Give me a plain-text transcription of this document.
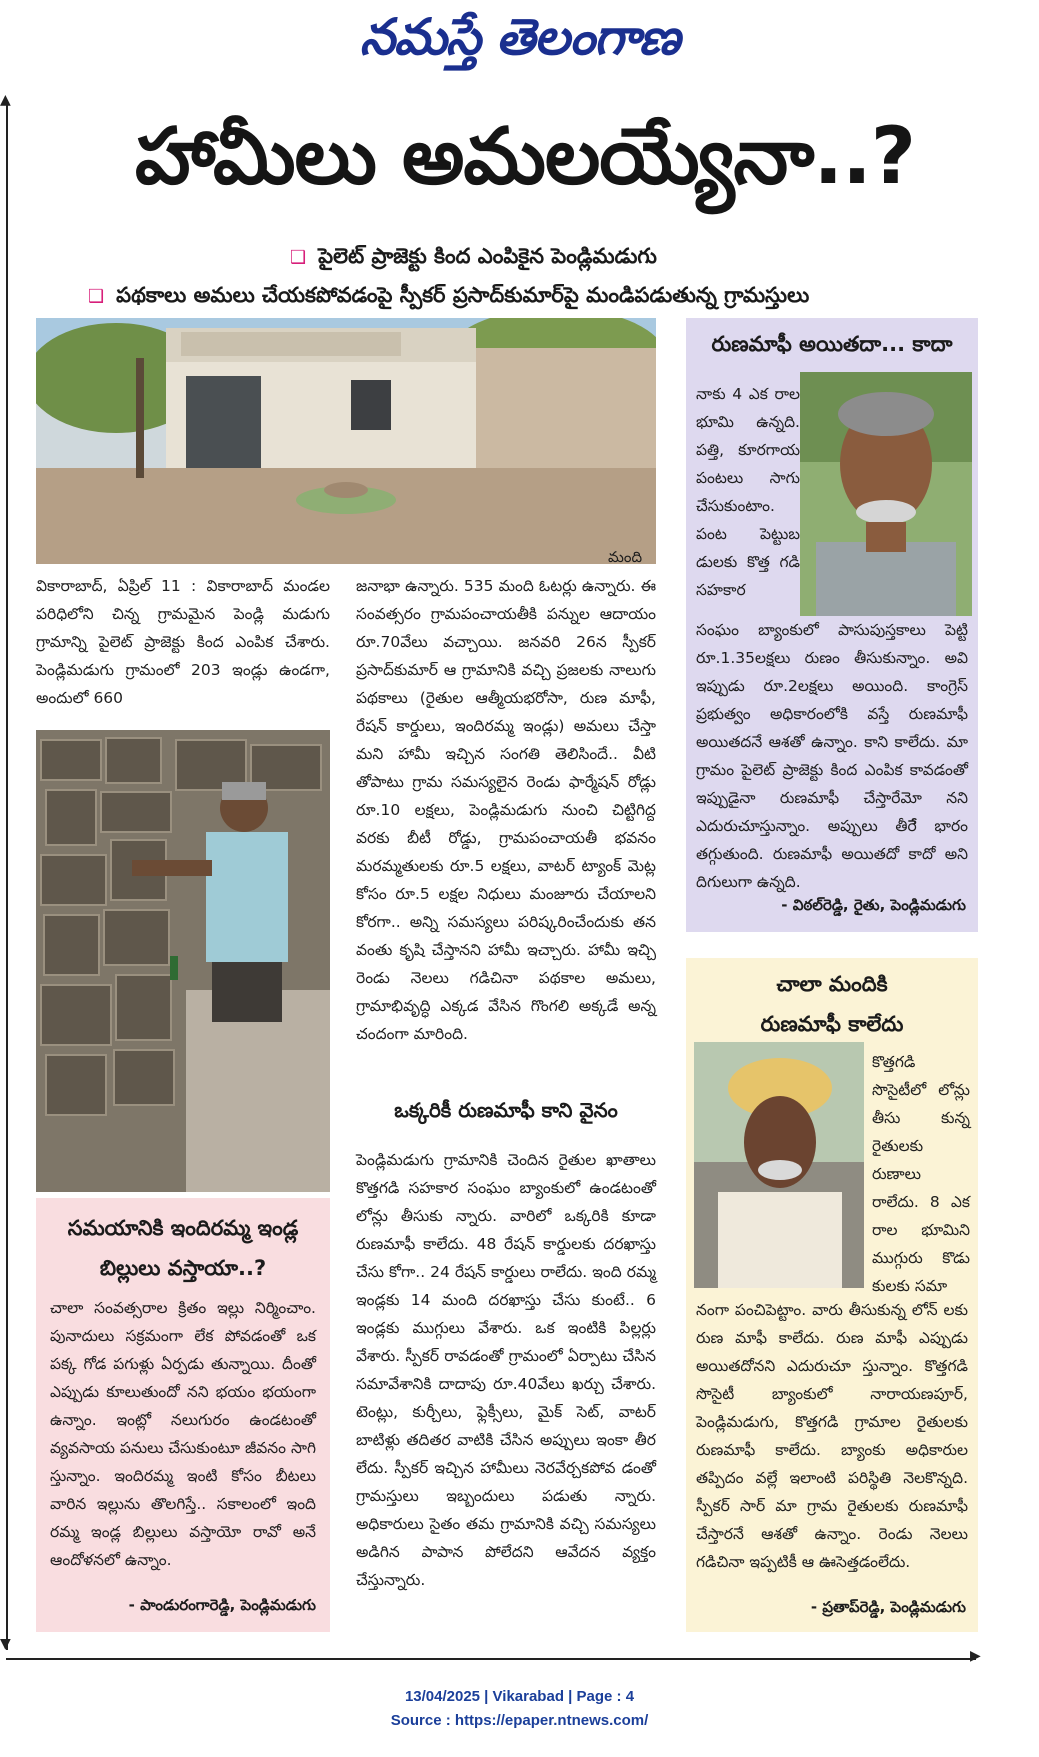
నమస్తే తెలంగాణ
▲
▼
▶
హామీలు అమలయ్యేనా..?
❑ పైలెట్ ప్రాజెక్టు కింద ఎంపికైన పెండ్లిమడుగు
❑ పథకాలు అమలు చేయకపోవడంపై స్పీకర్ ప్రసాద్‌కుమార్‌పై మండిపడుతున్న గ్రామస్తులు
మంది
వికారాబాద్, ఏప్రిల్ 11 : వికారాబాద్ మండల పరిధిలోని చిన్న గ్రామమైన పెండ్లి మడుగు గ్రామాన్ని పైలెట్ ప్రాజెక్టు కింద ఎంపిక చేశారు. పెండ్లిమడుగు గ్రామంలో 203 ఇండ్లు ఉండగా, అందులో 660
సమయానికి ఇందిరమ్మ ఇండ్ల
బిల్లులు వస్తాయా..?
చాలా సంవత్సరాల క్రితం ఇల్లు నిర్మించాం. పునాదులు సక్రమంగా లేక పోవడంతో ఒక పక్క గోడ పగుళ్లు ఏర్పడు తున్నాయి. దీంతో ఎప్పుడు కూలుతుందో నని భయం భయంగా ఉన్నాం. ఇంట్లో నలుగురం ఉండటంతో వ్యవసాయ పనులు చేసుకుంటూ జీవనం సాగి స్తున్నాం. ఇందిరమ్మ ఇంటి కోసం బీటలు వారిన ఇల్లును తొలగిస్తే.. సకాలంలో ఇంది రమ్మ ఇండ్ల బిల్లులు వస్తాయో రావో అనే ఆందోళనలో ఉన్నాం.
- పాండురంగారెడ్డి, పెండ్లిమడుగు
జనాభా ఉన్నారు. 535 మంది ఓటర్లు ఉన్నారు. ఈ సంవత్సరం గ్రామపంచాయతీకి పన్నుల ఆదాయం రూ.70వేలు వచ్చాయి. జనవరి 26న స్పీకర్ ప్రసాద్‌కుమార్ ఆ గ్రామానికి వచ్చి ప్రజలకు నాలుగు పథకాలు (రైతుల ఆత్మీయభరోసా, రుణ మాఫీ, రేషన్ కార్డులు, ఇందిరమ్మ ఇండ్లు) అమలు చేస్తా మని హామీ ఇచ్చిన సంగతి తెలిసిందే.. వీటి తోపాటు గ్రామ సమస్యలైన రెండు ఫార్మేషన్ రోడ్లు రూ.10 లక్షలు, పెండ్లిమడుగు నుంచి చిట్టిగిద్ద వరకు బీటీ రోడ్డు, గ్రామపంచాయతీ భవనం మరమ్మతులకు రూ.5 లక్షలు, వాటర్ ట్యాంక్ మెట్ల కోసం రూ.5 లక్షల నిధులు మంజూరు చేయాలని కోరగా.. అన్ని సమస్యలు పరిష్కరించేందుకు తన వంతు కృషి చేస్తానని హామీ ఇచ్చారు. హామీ ఇచ్చి రెండు నెలలు గడిచినా పథకాల అమలు, గ్రామాభివృద్ధి ఎక్కడ వేసిన గొంగలి అక్కడే అన్న చందంగా మారింది.
ఒక్కరికీ రుణమాఫీ కాని వైనం
పెండ్లిమడుగు గ్రామానికి చెందిన రైతుల ఖాతాలు కొత్తగడి సహకార సంఘం బ్యాంకులో ఉండటంతో లోన్లు తీసుకు న్నారు. వారిలో ఒక్కరికి కూడా రుణమాఫీ కాలేదు. 48 రేషన్ కార్డులకు దరఖాస్తు చేసు కోగా.. 24 రేషన్ కార్డులు రాలేదు. ఇంది రమ్మ ఇండ్లకు 14 మంది దరఖాస్తు చేసు కుంటే.. 6 ఇండ్లకు ముగ్గులు వేశారు. ఒక ఇంటికి పిల్లర్లు వేశారు. స్పీకర్ రావడంతో గ్రామంలో ఏర్పాటు చేసిన సమావేశానికి దాదాపు రూ.40వేలు ఖర్చు చేశారు. టెంట్లు, కుర్చీలు, ఫ్లెక్సీలు, మైక్ సెట్, వాటర్ బాటిళ్లు తదితర వాటికి చేసిన అప్పులు ఇంకా తీర లేదు. స్పీకర్ ఇచ్చిన హామీలు నెరవేర్చకపోవ డంతో గ్రామస్తులు ఇబ్బందులు పడుతు న్నారు. అధికారులు సైతం తమ గ్రామానికి వచ్చి సమస్యలు అడిగిన పాపాన పోలేదని ఆవేదన వ్యక్తం చేస్తున్నారు.
రుణమాఫీ అయితదా... కాదా
నాకు 4 ఎక రాల భూమి ఉన్నది. పత్తి, కూరగాయ పంటలు సాగు చేసుకుంటాం. పంట పెట్టుబ డులకు కొత్త గడి సహకార
సంఘం బ్యాంకులో పాసుపుస్తకాలు పెట్టి రూ.1.35లక్షలు రుణం తీసుకున్నాం. అవి ఇప్పుడు రూ.2లక్షలు అయింది. కాంగ్రెస్ ప్రభుత్వం అధికారంలోకి వస్తే రుణమాఫీ అయితదనే ఆశతో ఉన్నాం. కాని కాలేదు. మా గ్రామం పైలెట్ ప్రాజెక్టు కింద ఎంపిక కావడంతో ఇప్పుడైనా రుణమాఫీ చేస్తారేమో నని ఎదురుచూస్తున్నాం. అప్పులు తీరేే భారం తగ్గుతుంది. రుణమాఫీ అయితదో కాదో అని దిగులుగా ఉన్నది.
- విఠల్‌రెడ్డి, రైతు, పెండ్లిమడుగు
చాలా మందికి
రుణమాఫీ కాలేదు
కొత్తగడి సొసైటీలో లోన్లు తీసు కున్న రైతులకు రుణాలు రాలేదు. 8 ఎక రాల భూమిని ముగ్గురు కొడు కులకు సమా
నంగా పంచిపెట్టాం. వారు తీసుకున్న లోన్ లకు రుణ మాఫీ కాలేదు. రుణ మాఫీ ఎప్పుడు అయితదోనని ఎదురుచూ స్తున్నాం. కొత్తగడి సొసైటీ బ్యాంకులో నారాయణపూర్, పెండ్లిమడుగు, కొత్తగడి గ్రామాల రైతులకు రుణమాఫీ కాలేదు. బ్యాంకు అధికారుల తప్పిదం వల్లే ఇలాంటి పరిస్థితి నెలకొన్నది. స్పీకర్ సార్ మా గ్రామ రైతులకు రుణమాఫీ చేస్తారనే ఆశతో ఉన్నాం. రెండు నెలలు గడిచినా ఇప్పటికీ ఆ ఊసెత్తడంలేదు.
- ప్రతాప్‌రెడ్డి, పెండ్లిమడుగు
13/04/2025 | Vikarabad | Page : 4
Source : https://epaper.ntnews.com/
